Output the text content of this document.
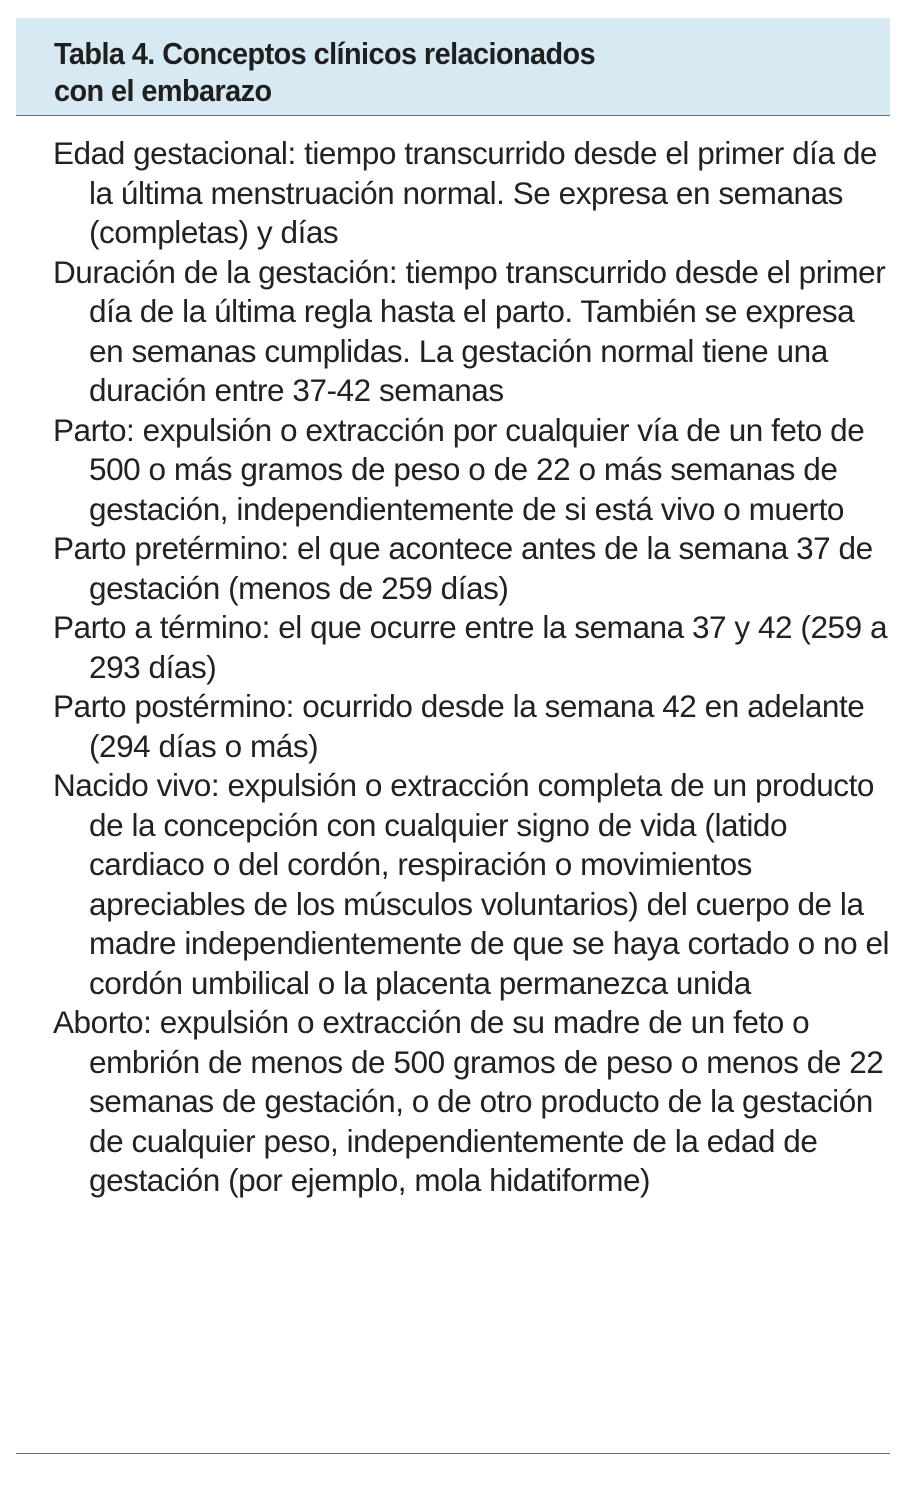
Tabla 4. Conceptos clínicos relacionados
con el embarazo
Edad gestacional: tiempo transcurrido desde el primer día de la última menstruación normal. Se expresa en semanas (completas) y días
Duración de la gestación: tiempo transcurrido desde el primer día de la última regla hasta el parto. También se expresa en semanas cumplidas. La gestación normal tiene una duración entre 37-42 semanas
Parto: expulsión o extracción por cualquier vía de un feto de 500 o más gramos de peso o de 22 o más semanas de gestación, independientemente de si está vivo o muerto
Parto pretérmino: el que acontece antes de la semana 37 de gestación (menos de 259 días)
Parto a término: el que ocurre entre la semana 37 y 42 (259 a 293 días)
Parto postérmino: ocurrido desde la semana 42 en adelante (294 días o más)
Nacido vivo: expulsión o extracción completa de un producto de la concepción con cualquier signo de vida (latido cardiaco o del cordón, respiración o movimientos apreciables de los músculos voluntarios) del cuerpo de la madre independientemente de que se haya cortado o no el cordón umbilical o la placenta permanezca unida
Aborto: expulsión o extracción de su madre de un feto o embrión de menos de 500 gramos de peso o menos de 22 semanas de gestación, o de otro producto de la gestación de cualquier peso, independientemente de la edad de gestación (por ejemplo, mola hidatiforme)
